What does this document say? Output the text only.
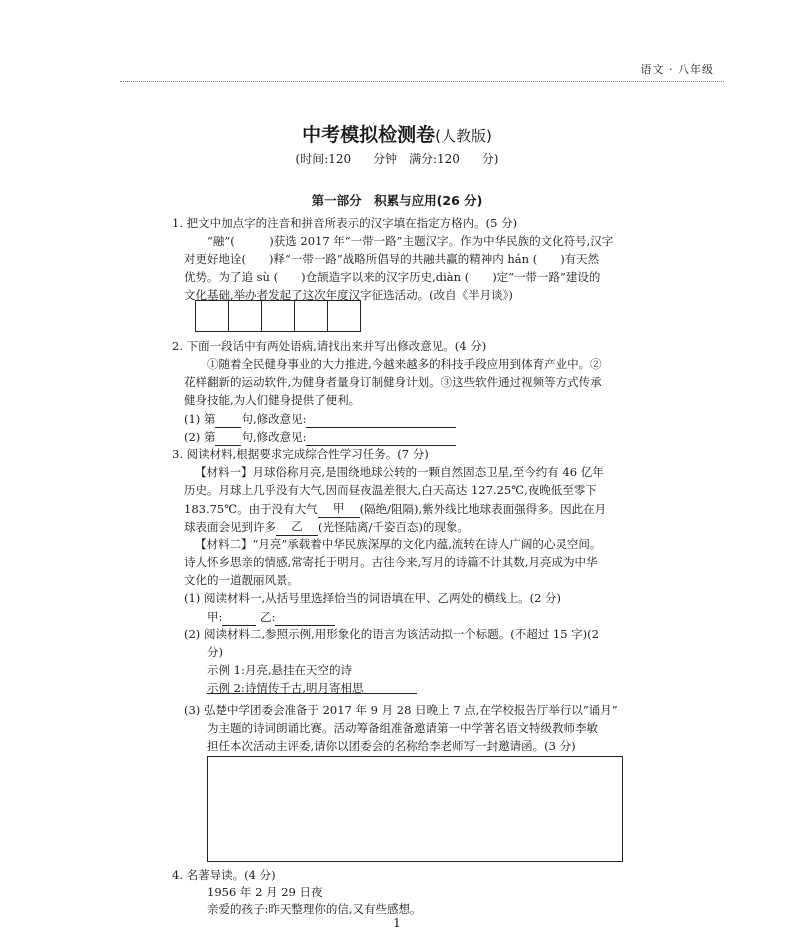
语文 · 八年级
中考模拟检测卷(人教版)
(时间:120 分钟　满分:120 分)
第一部分　积累与应用(26 分)
1. 把文中加点字的注音和拼音所表示的汉字填在指定方格内。(5 分)
“融”(　　　)获选 2017 年“一带一路”主题汉字。作为中华民族的文化符号,汉字
对更好地诠(　　)释“一带一路”战略所倡导的共融共赢的精神内 hán (　　)有天然
优势。为了追 sù (　　)仓颉造字以来的汉字历史,diàn (　　)定“一带一路”建设的
文化基础,举办者发起了这次年度汉字征选活动。(改自《半月谈》)
2. 下面一段话中有两处语病,请找出来并写出修改意见。(4 分)
①随着全民健身事业的大力推进,今越来越多的科技手段应用到体育产业中。②
花样翻新的运动软件,为健身者量身订制健身计划。③这些软件通过视频等方式传承
健身技能,为人们健身提供了便利。
(1) 第 句,修改意见:
(2) 第 句,修改意见:
3. 阅读材料,根据要求完成综合性学习任务。(7 分)
【材料一】月球俗称月亮,是围绕地球公转的一颗自然固态卫星,至今约有 46 亿年
历史。月球上几乎没有大气,因而昼夜温差很大,白天高达 127.25℃,夜晚低至零下
183.75℃。由于没有大气 甲 (隔绝/阻隔),紫外线比地球表面强得多。因此在月
球表面会见到许多 乙 (光怪陆离/千姿百态)的现象。
【材料二】“月亮”承载着中华民族深厚的文化内蕴,流转在诗人广阔的心灵空间。
诗人怀乡思亲的情感,常寄托于明月。古往今来,写月的诗篇不计其数,月亮成为中华
文化的一道靓丽风景。
(1) 阅读材料一,从括号里选择恰当的词语填在甲、乙两处的横线上。(2 分)
甲:	乙:
(2) 阅读材料二,参照示例,用形象化的语言为该活动拟一个标题。(不超过 15 字)(2
分)
示例 1:月亮,悬挂在天空的诗
示例 2:诗情传千古,明月寄相思
(3) 弘楚中学团委会准备于 2017 年 9 月 28 日晚上 7 点,在学校报告厅举行以“诵月”
为主题的诗词朗诵比赛。活动筹备组准备邀请第一中学著名语文特级教师李敏
担任本次活动主评委,请你以团委会的名称给李老师写一封邀请函。(3 分)
4. 名著导读。(4 分)
1956 年 2 月 29 日夜
亲爱的孩子:昨天整理你的信,又有些感想。
1
